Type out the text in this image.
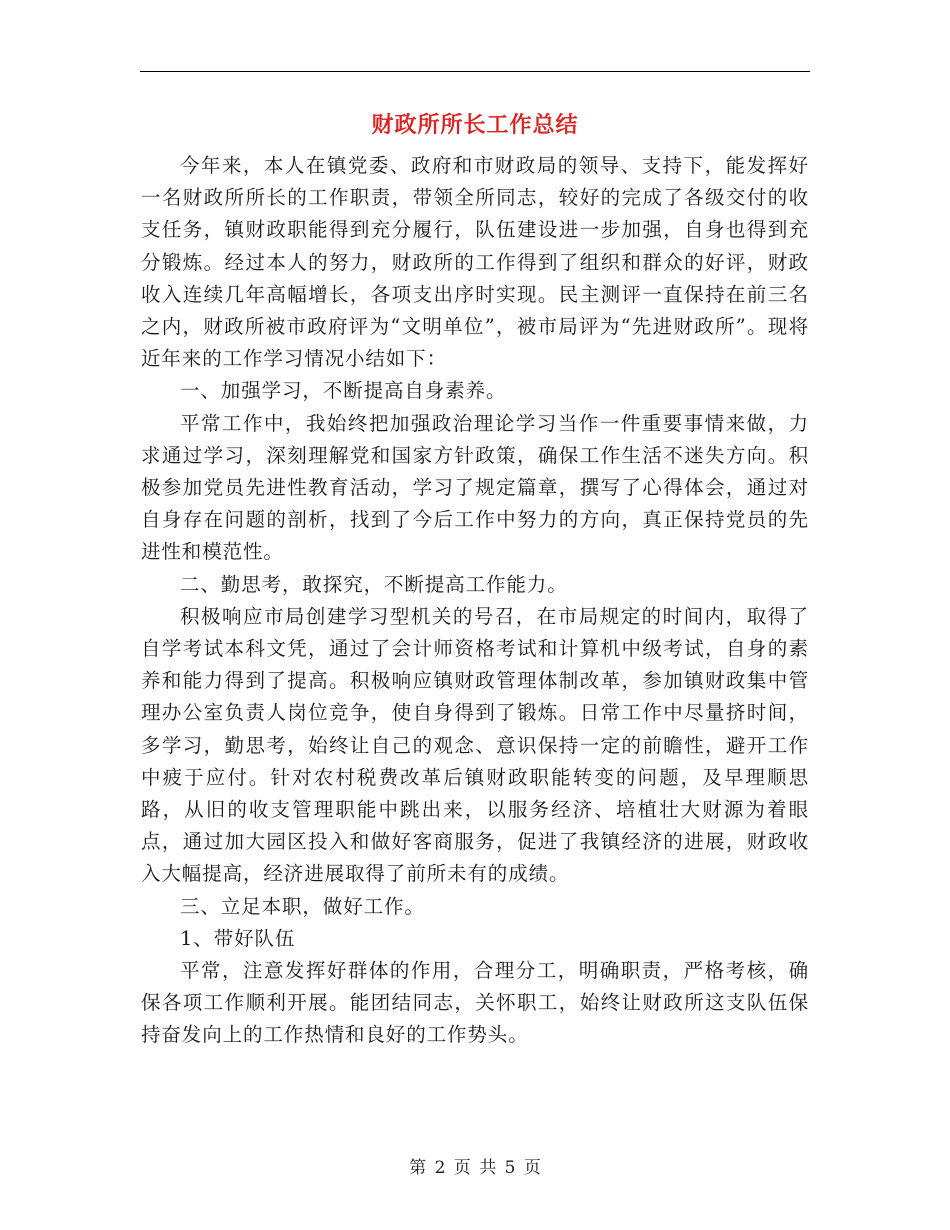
财政所所长工作总结

今年来，本人在镇党委、政府和市财政局的领导、支持下，能发挥好一名财政所所长的工作职责，带领全所同志，较好的完成了各级交付的收支任务，镇财政职能得到充分履行，队伍建设进一步加强，自身也得到充分锻炼。经过本人的努力，财政所的工作得到了组织和群众的好评，财政收入连续几年高幅增长，各项支出序时实现。民主测评一直保持在前三名之内，财政所被市政府评为“文明单位”，被市局评为“先进财政所”。现将近年来的工作学习情况小结如下：

一、加强学习，不断提高自身素养。

平常工作中，我始终把加强政治理论学习当作一件重要事情来做，力求通过学习，深刻理解党和国家方针政策，确保工作生活不迷失方向。积极参加党员先进性教育活动，学习了规定篇章，撰写了心得体会，通过对自身存在问题的剖析，找到了今后工作中努力的方向，真正保持党员的先进性和模范性。

二、勤思考，敢探究，不断提高工作能力。

积极响应市局创建学习型机关的号召，在市局规定的时间内，取得了自学考试本科文凭，通过了会计师资格考试和计算机中级考试，自身的素养和能力得到了提高。积极响应镇财政管理体制改革，参加镇财政集中管理办公室负责人岗位竞争，使自身得到了锻炼。日常工作中尽量挤时间，多学习，勤思考，始终让自己的观念、意识保持一定的前瞻性，避开工作中疲于应付。针对农村税费改革后镇财政职能转变的问题，及早理顺思路，从旧的收支管理职能中跳出来，以服务经济、培植壮大财源为着眼点，通过加大园区投入和做好客商服务，促进了我镇经济的进展，财政收入大幅提高，经济进展取得了前所未有的成绩。

三、立足本职，做好工作。

1、带好队伍

平常，注意发挥好群体的作用，合理分工，明确职责，严格考核，确保各项工作顺利开展。能团结同志，关怀职工，始终让财政所这支队伍保持奋发向上的工作热情和良好的工作势头。

第 2 页 共 5 页
